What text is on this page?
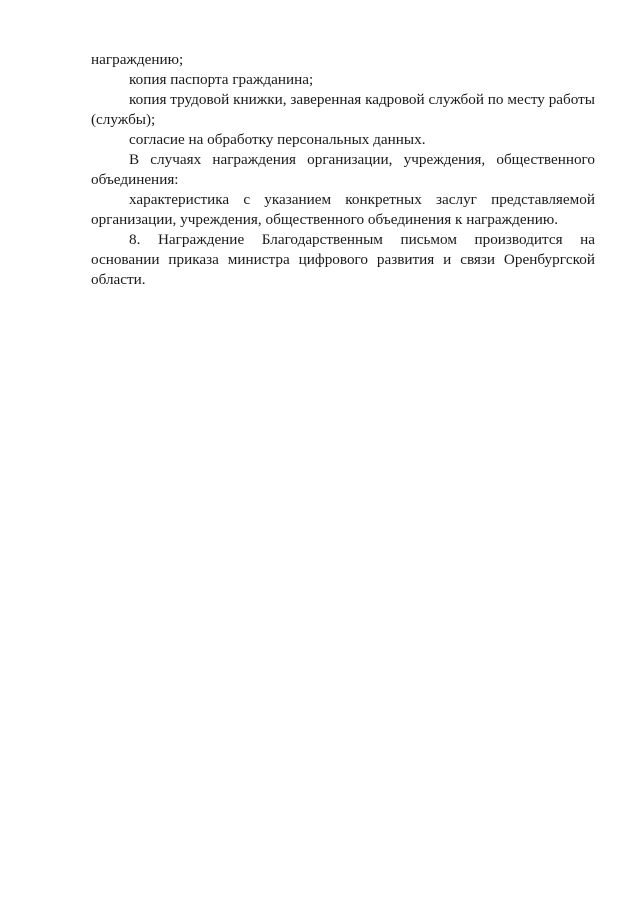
награждению;

копия паспорта гражданина;

копия трудовой книжки, заверенная кадровой службой по месту работы (службы);

согласие на обработку персональных данных.

В случаях награждения организации, учреждения, общественного объединения:

характеристика с указанием конкретных заслуг представляемой организации, учреждения, общественного объединения к награждению.

8. Награждение Благодарственным письмом производится на основании приказа министра цифрового развития и связи Оренбургской области.
